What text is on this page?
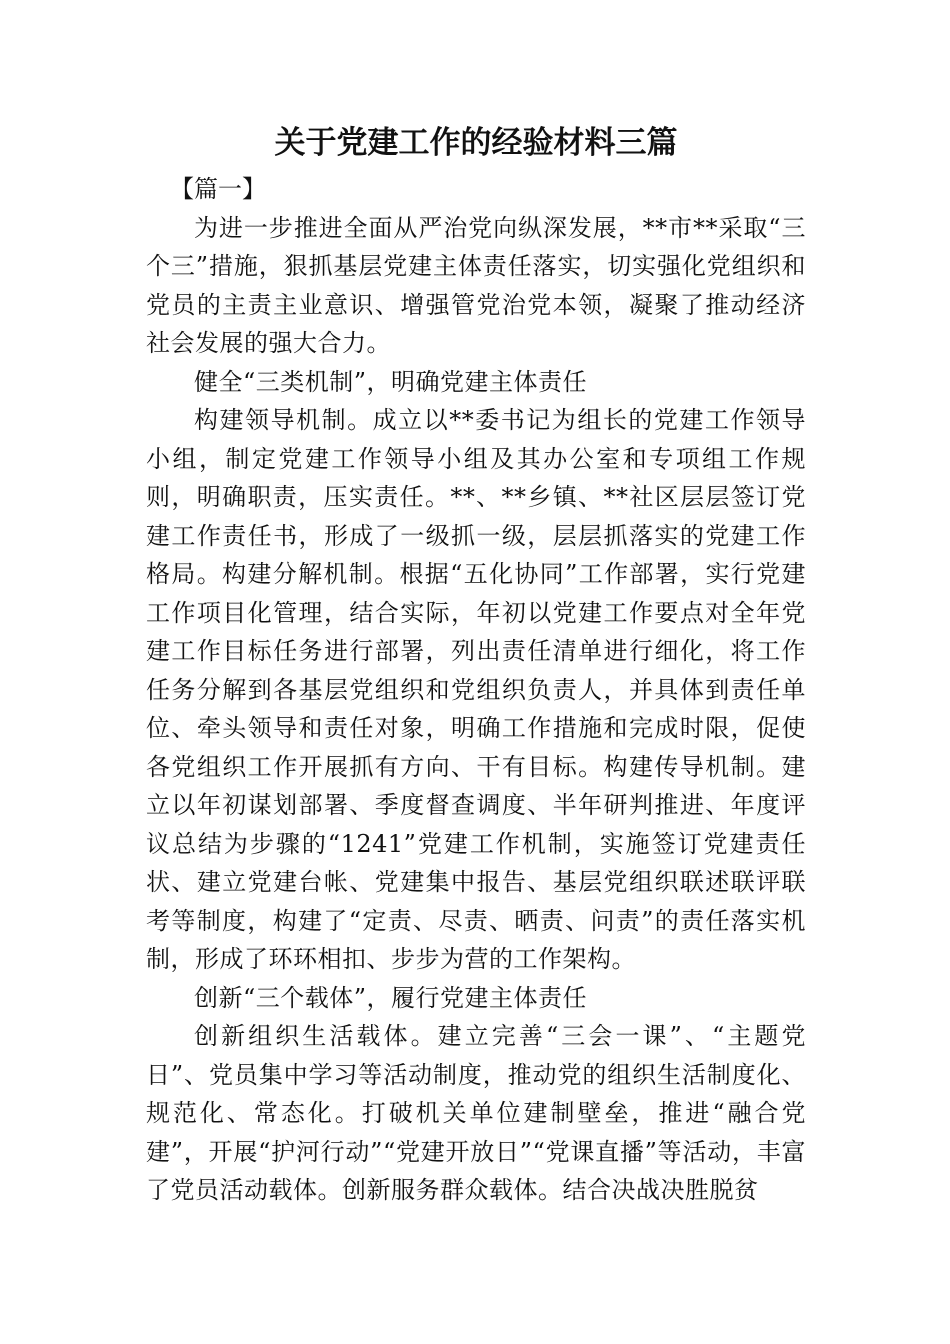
关于党建工作的经验材料三篇

【篇一】

为进一步推进全面从严治党向纵深发展，**市**采取“三个三”措施，狠抓基层党建主体责任落实，切实强化党组织和党员的主责主业意识、增强管党治党本领，凝聚了推动经济社会发展的强大合力。

健全“三类机制”，明确党建主体责任

构建领导机制。成立以**委书记为组长的党建工作领导小组，制定党建工作领导小组及其办公室和专项组工作规则，明确职责，压实责任。**、**乡镇、**社区层层签订党建工作责任书，形成了一级抓一级，层层抓落实的党建工作格局。构建分解机制。根据“五化协同”工作部署，实行党建工作项目化管理，结合实际，年初以党建工作要点对全年党建工作目标任务进行部署，列出责任清单进行细化，将工作任务分解到各基层党组织和党组织负责人，并具体到责任单位、牵头领导和责任对象，明确工作措施和完成时限，促使各党组织工作开展抓有方向、干有目标。构建传导机制。建立以年初谋划部署、季度督查调度、半年研判推进、年度评议总结为步骤的“1241”党建工作机制，实施签订党建责任状、建立党建台帐、党建集中报告、基层党组织联述联评联考等制度，构建了“定责、尽责、晒责、问责”的责任落实机制，形成了环环相扣、步步为营的工作架构。

创新“三个载体”，履行党建主体责任

创新组织生活载体。建立完善“三会一课”、“主题党日”、党员集中学习等活动制度，推动党的组织生活制度化、规范化、常态化。打破机关单位建制壁垒，推进“融合党建”，开展“护河行动”“党建开放日”“党课直播”等活动，丰富了党员活动载体。创新服务群众载体。结合决战决胜脱贫
